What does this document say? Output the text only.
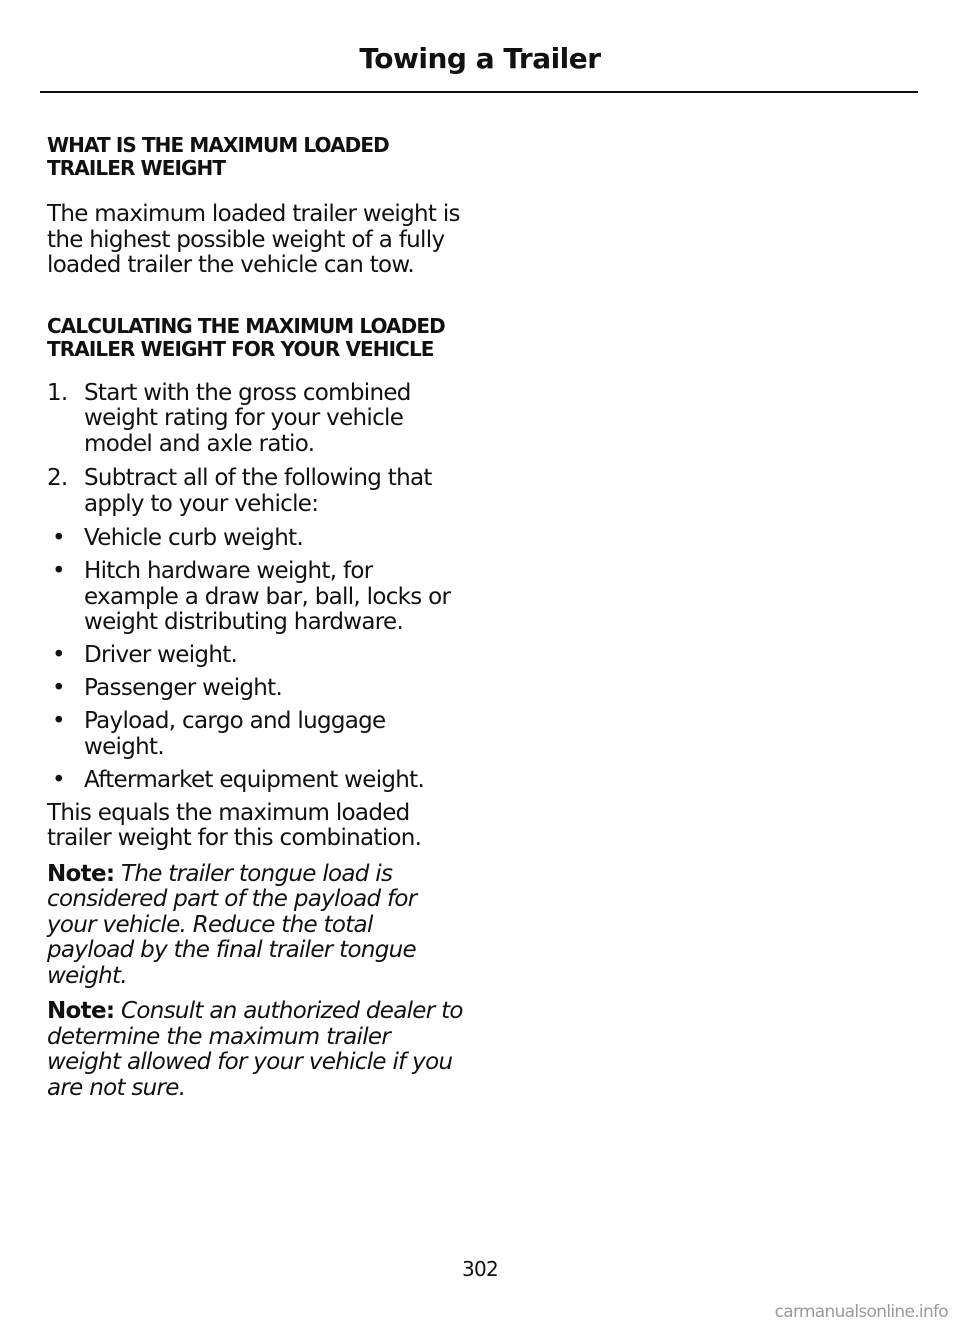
Towing a Trailer
WHAT IS THE MAXIMUM LOADED TRAILER WEIGHT

The maximum loaded trailer weight is the highest possible weight of a fully loaded trailer the vehicle can tow.

CALCULATING THE MAXIMUM LOADED TRAILER WEIGHT FOR YOUR VEHICLE
1. Start with the gross combined weight rating for your vehicle model and axle ratio.
2. Subtract all of the following that apply to your vehicle:
• Vehicle curb weight.
• Hitch hardware weight, for example a draw bar, ball, locks or weight distributing hardware.
• Driver weight.
• Passenger weight.
• Payload, cargo and luggage weight.
• Aftermarket equipment weight.

This equals the maximum loaded trailer weight for this combination.

Note: The trailer tongue load is considered part of the payload for your vehicle. Reduce the total payload by the final trailer tongue weight.

Note: Consult an authorized dealer to determine the maximum trailer weight allowed for your vehicle if you are not sure.

302

carmanualsonline.info
